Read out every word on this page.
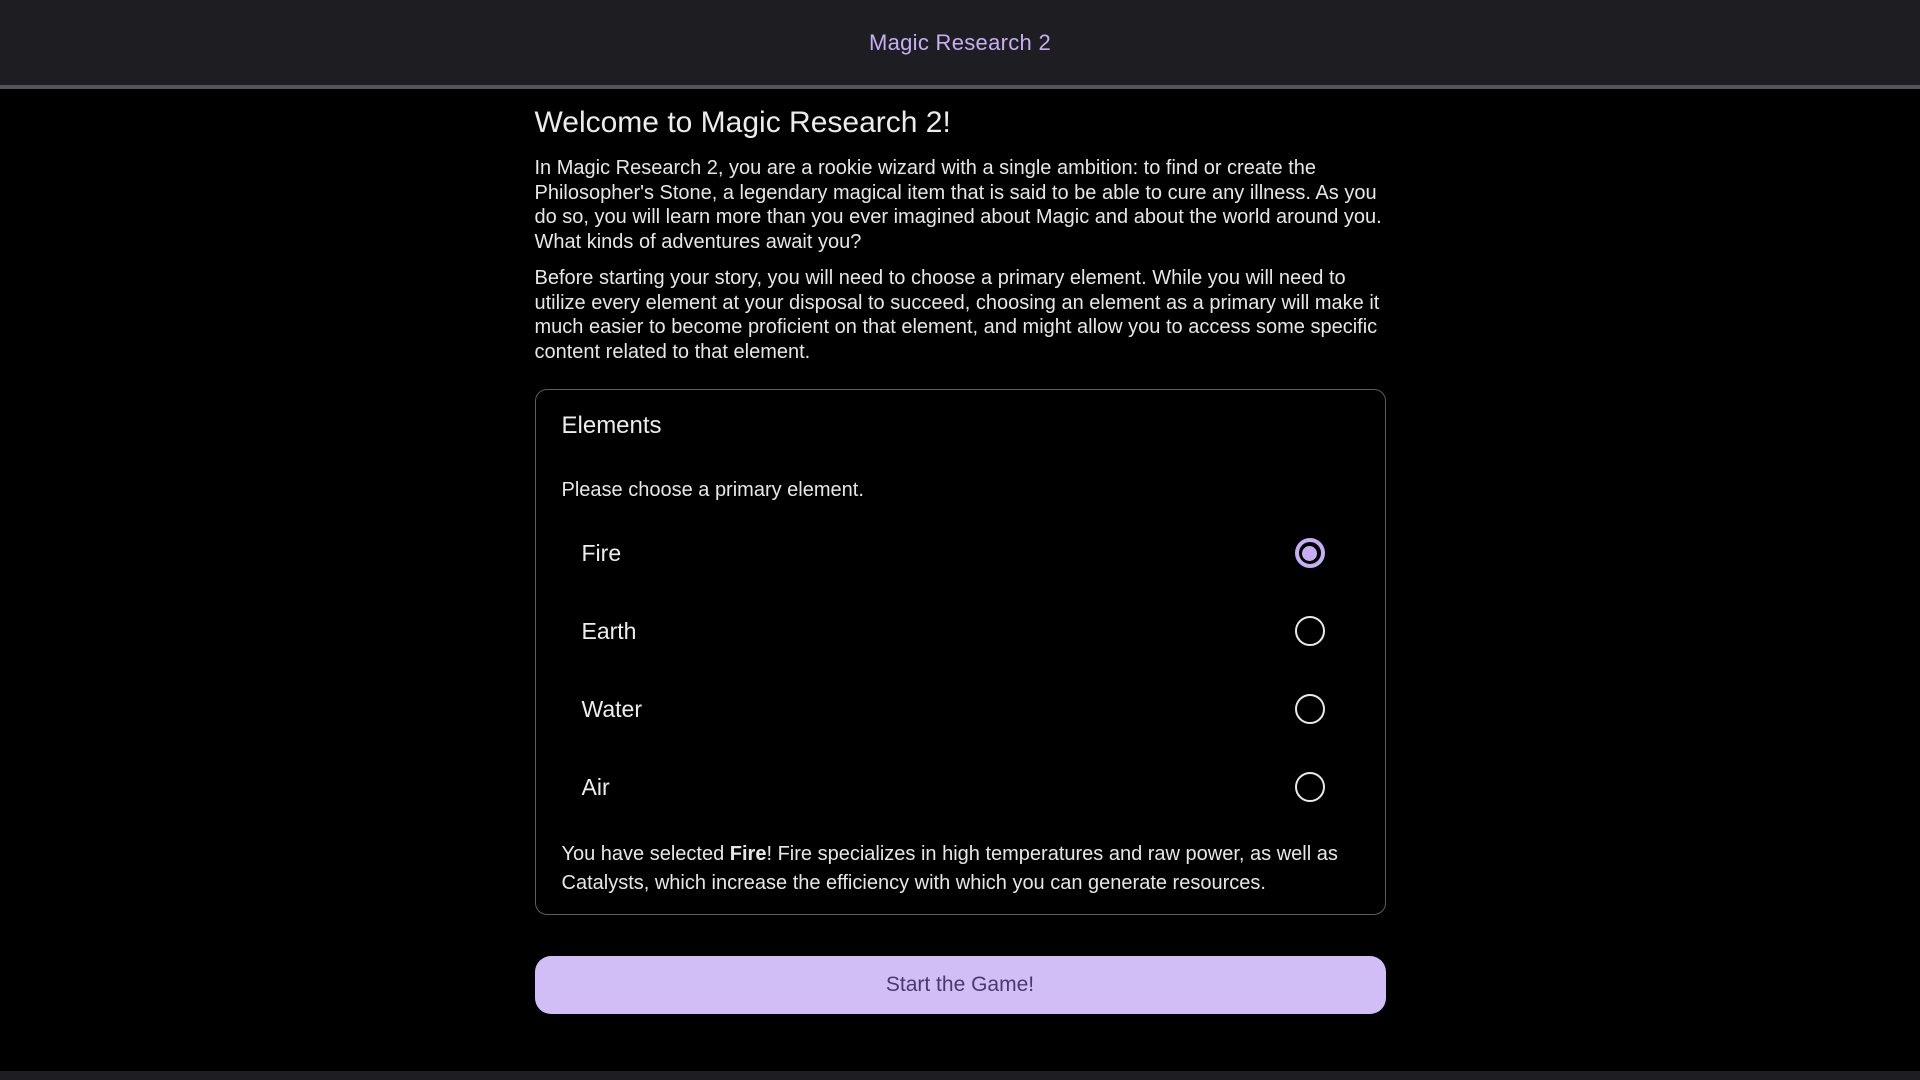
Magic Research 2
Welcome to Magic Research 2!

In Magic Research 2, you are a rookie wizard with a single ambition: to find or create the Philosopher's Stone, a legendary magical item that is said to be able to cure any illness. As you do so, you will learn more than you ever imagined about Magic and about the world around you. What kinds of adventures await you?

Before starting your story, you will need to choose a primary element. While you will need to utilize every element at your disposal to succeed, choosing an element as a primary will make it much easier to become proficient on that element, and might allow you to access some specific content related to that element.

Elements
Please choose a primary element.
Fire
Earth
Water
Air
You have selected Fire! Fire specializes in high temperatures and raw power, as well as Catalysts, which increase the efficiency with which you can generate resources.
Start the Game!
